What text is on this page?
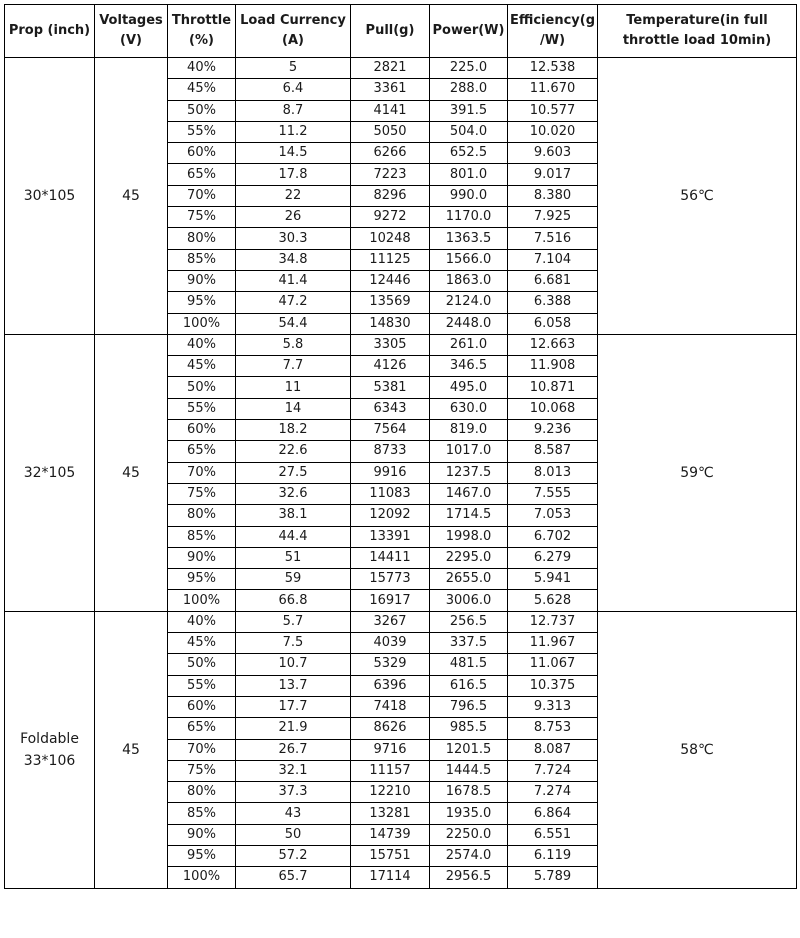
Prop (inch)	Voltages (V)	Throttle (%)	Load Currency (A)	Pull(g)	Power(W)	Efficiency(g /W)	Temperature(in full throttle load 10min)
30*105	45	40%	5	2821	225.0	12.538	56℃
		45%	6.4	3361	288.0	11.670	
		50%	8.7	4141	391.5	10.577	
		55%	11.2	5050	504.0	10.020	
		60%	14.5	6266	652.5	9.603	
		65%	17.8	7223	801.0	9.017	
		70%	22	8296	990.0	8.380	
		75%	26	9272	1170.0	7.925	
		80%	30.3	10248	1363.5	7.516	
		85%	34.8	11125	1566.0	7.104	
		90%	41.4	12446	1863.0	6.681	
		95%	47.2	13569	2124.0	6.388	
		100%	54.4	14830	2448.0	6.058	
32*105	45	40%	5.8	3305	261.0	12.663	59℃
		45%	7.7	4126	346.5	11.908	
		50%	11	5381	495.0	10.871	
		55%	14	6343	630.0	10.068	
		60%	18.2	7564	819.0	9.236	
		65%	22.6	8733	1017.0	8.587	
		70%	27.5	9916	1237.5	8.013	
		75%	32.6	11083	1467.0	7.555	
		80%	38.1	12092	1714.5	7.053	
		85%	44.4	13391	1998.0	6.702	
		90%	51	14411	2295.0	6.279	
		95%	59	15773	2655.0	5.941	
		100%	66.8	16917	3006.0	5.628	
Foldable 33*106	45	40%	5.7	3267	256.5	12.737	58℃
		45%	7.5	4039	337.5	11.967	
		50%	10.7	5329	481.5	11.067	
		55%	13.7	6396	616.5	10.375	
		60%	17.7	7418	796.5	9.313	
		65%	21.9	8626	985.5	8.753	
		70%	26.7	9716	1201.5	8.087	
		75%	32.1	11157	1444.5	7.724	
		80%	37.3	12210	1678.5	7.274	
		85%	43	13281	1935.0	6.864	
		90%	50	14739	2250.0	6.551	
		95%	57.2	15751	2574.0	6.119	
		100%	65.7	17114	2956.5	5.789	
